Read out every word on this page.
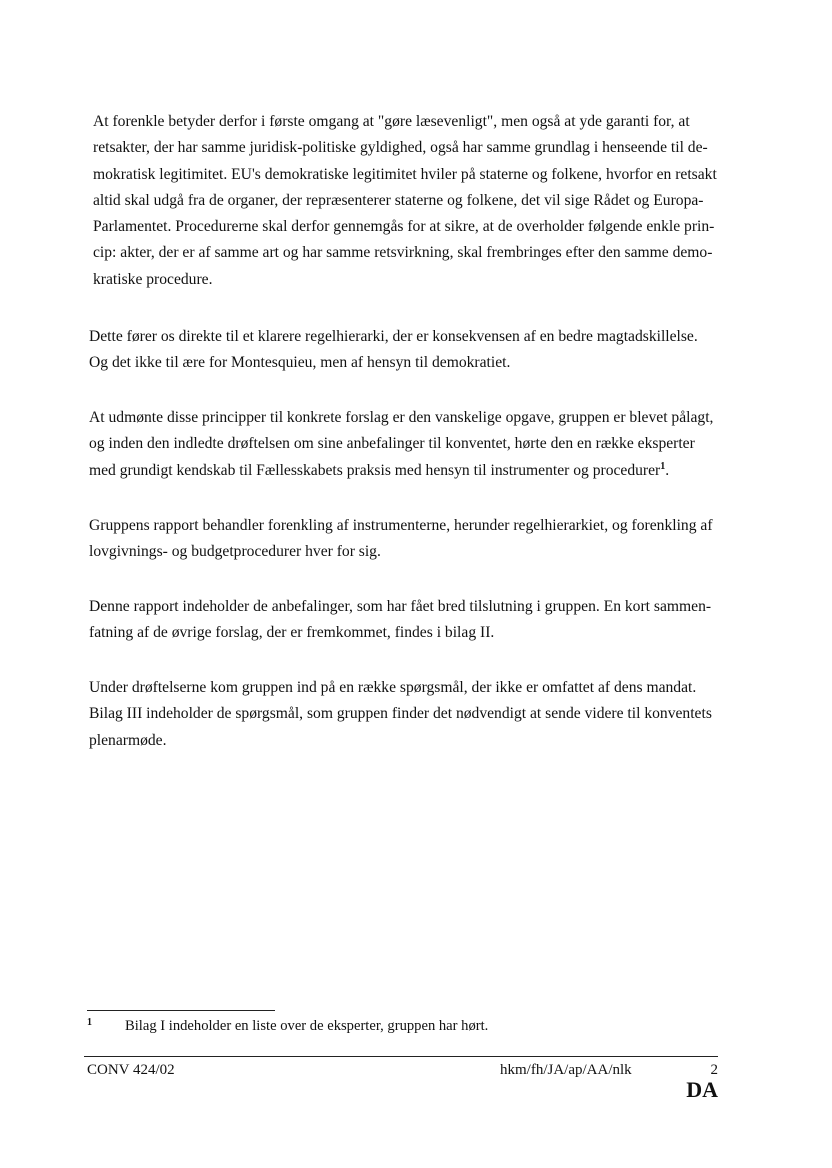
At forenkle betyder derfor i første omgang at "gøre læsevenligt", men også at yde garanti for, at
retsakter, der har samme juridisk-politiske gyldighed, også har samme grundlag i henseende til de-
mokratisk legitimitet. EU's demokratiske legitimitet hviler på staterne og folkene, hvorfor en retsakt
altid skal udgå fra de organer, der repræsenterer staterne og folkene, det vil sige Rådet og Europa-
Parlamentet. Procedurerne skal derfor gennemgås for at sikre, at de overholder følgende enkle prin-
cip: akter, der er af samme art og har samme retsvirkning, skal frembringes efter den samme demo-
kratiske procedure.

Dette fører os direkte til et klarere regelhierarki, der er konsekvensen af en bedre magtadskillelse.
Og det ikke til ære for Montesquieu, men af hensyn til demokratiet.

At udmønte disse principper til konkrete forslag er den vanskelige opgave, gruppen er blevet pålagt,
og inden den indledte drøftelsen om sine anbefalinger til konventet, hørte den en række eksperter
med grundigt kendskab til Fællesskabets praksis med hensyn til instrumenter og procedurer$^1$.

Gruppens rapport behandler forenkling af instrumenterne, herunder regelhierarkiet, og forenkling af
lovgivnings- og budgetprocedurer hver for sig.

Denne rapport indeholder de anbefalinger, som har fået bred tilslutning i gruppen. En kort sammen-
fatning af de øvrige forslag, der er fremkommet, findes i bilag II.

Under drøftelserne kom gruppen ind på en række spørgsmål, der ikke er omfattet af dens mandat.
Bilag III indeholder de spørgsmål, som gruppen finder det nødvendigt at sende videre til konventets
plenarmøde.

1 Bilag I indeholder en liste over de eksperter, gruppen har hørt.
CONV 424/02	hkm/fh/JA/ap/AA/nlk	2
DA
